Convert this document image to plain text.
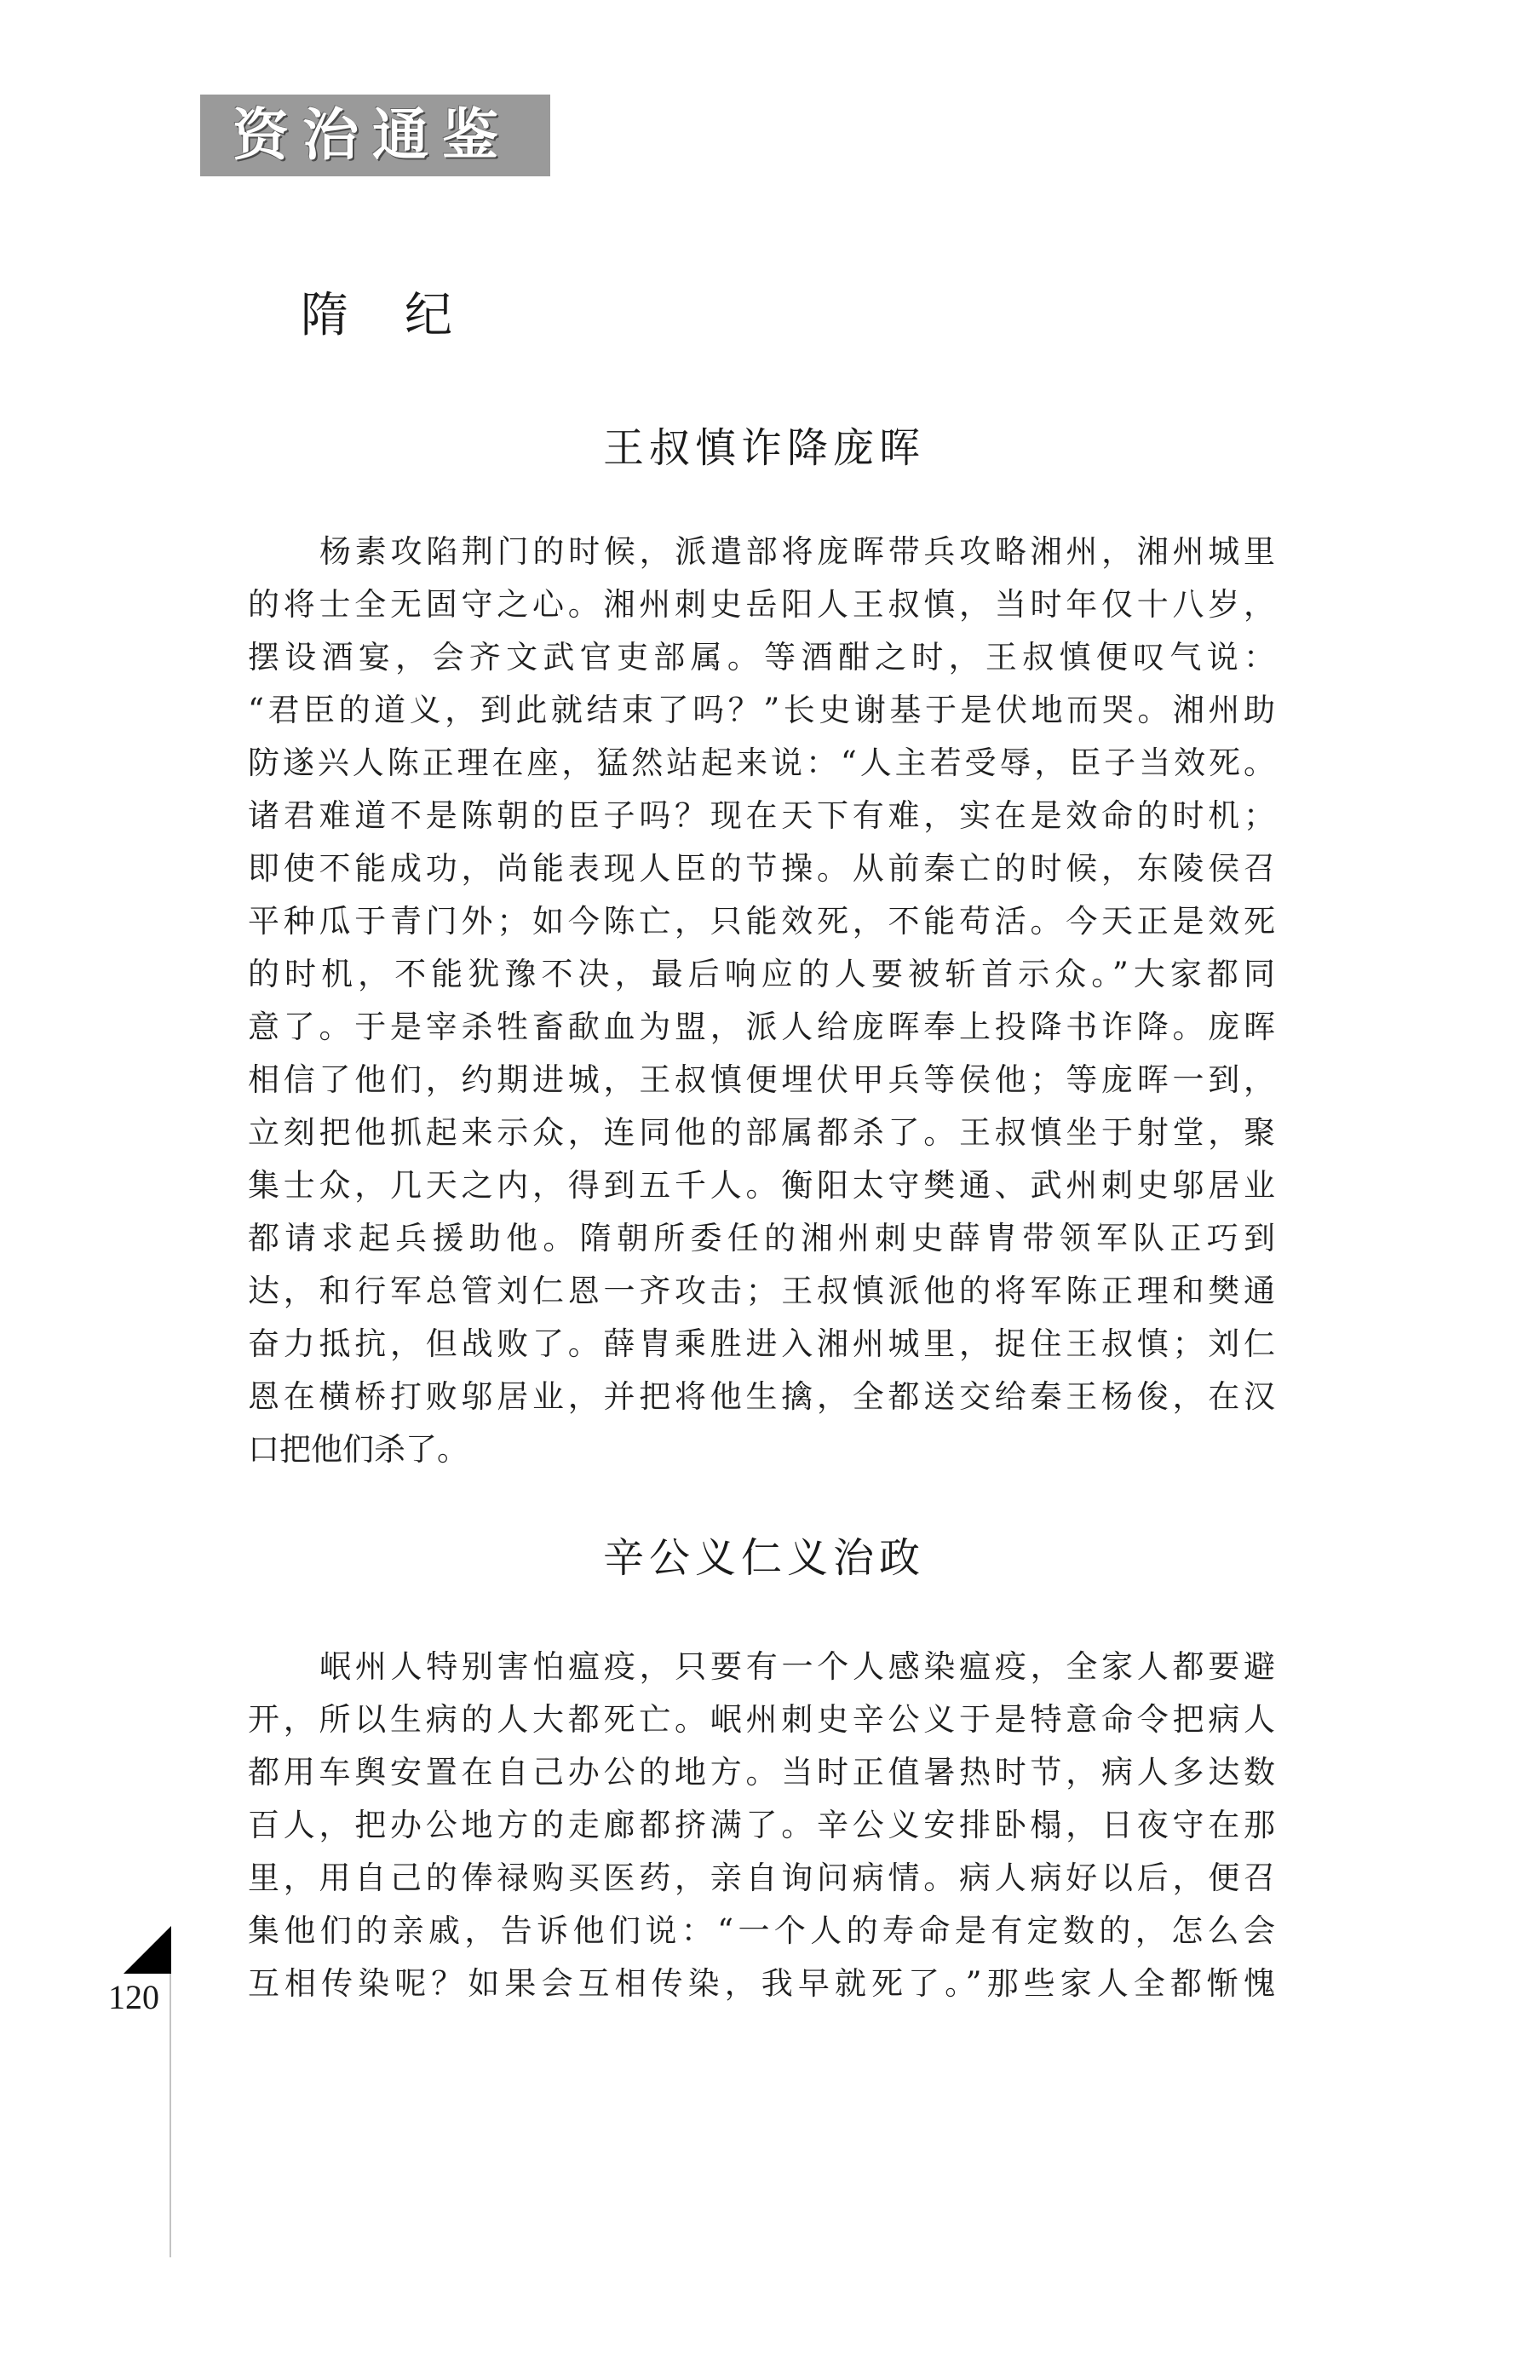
资治通鉴
隋纪
王叔慎诈降庞晖
杨素攻陷荆门的时候，派遣部将庞晖带兵攻略湘州，湘州城里
的将士全无固守之心。湘州刺史岳阳人王叔慎，当时年仅十八岁，
摆设酒宴，会齐文武官吏部属。等酒酣之时，王叔慎便叹气说：
“君臣的道义，到此就结束了吗？”长史谢基于是伏地而哭。湘州助
防遂兴人陈正理在座，猛然站起来说：“人主若受辱，臣子当效死。
诸君难道不是陈朝的臣子吗？现在天下有难，实在是效命的时机；
即使不能成功，尚能表现人臣的节操。从前秦亡的时候，东陵侯召
平种瓜于青门外；如今陈亡，只能效死，不能苟活。今天正是效死
的时机，不能犹豫不决，最后响应的人要被斩首示众。”大家都同
意了。于是宰杀牲畜歃血为盟，派人给庞晖奉上投降书诈降。庞晖
相信了他们，约期进城，王叔慎便埋伏甲兵等侯他；等庞晖一到，
立刻把他抓起来示众，连同他的部属都杀了。王叔慎坐于射堂，聚
集士众，几天之内，得到五千人。衡阳太守樊通、武州刺史邬居业
都请求起兵援助他。隋朝所委任的湘州刺史薛胄带领军队正巧到
达，和行军总管刘仁恩一齐攻击；王叔慎派他的将军陈正理和樊通
奋力抵抗，但战败了。薛胄乘胜进入湘州城里，捉住王叔慎；刘仁
恩在横桥打败邬居业，并把将他生擒，全都送交给秦王杨俊，在汉
口把他们杀了。
辛公义仁义治政
岷州人特别害怕瘟疫，只要有一个人感染瘟疫，全家人都要避
开，所以生病的人大都死亡。岷州刺史辛公义于是特意命令把病人
都用车舆安置在自己办公的地方。当时正值暑热时节，病人多达数
百人，把办公地方的走廊都挤满了。辛公义安排卧榻，日夜守在那
里，用自己的俸禄购买医药，亲自询问病情。病人病好以后，便召
集他们的亲戚，告诉他们说：“一个人的寿命是有定数的，怎么会
互相传染呢？如果会互相传染，我早就死了。”那些家人全都惭愧
120
